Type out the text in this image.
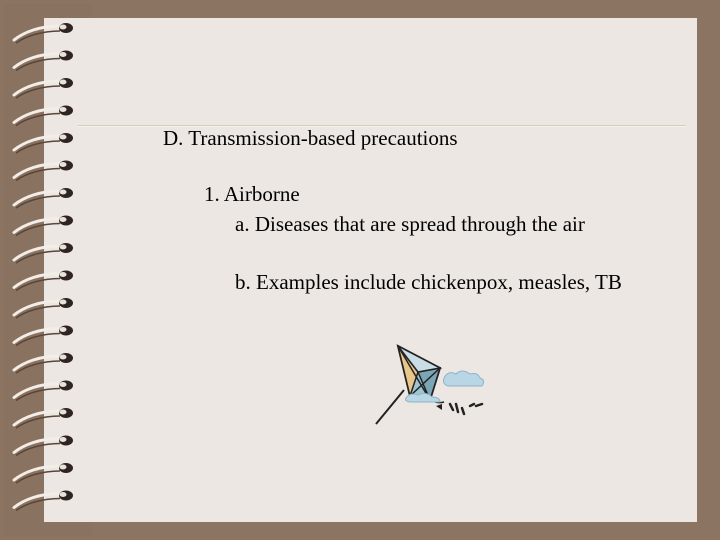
D. Transmission-based precautions
1. Airborne
a. Diseases that are spread through the air
b. Examples include chickenpox, measles, TB
